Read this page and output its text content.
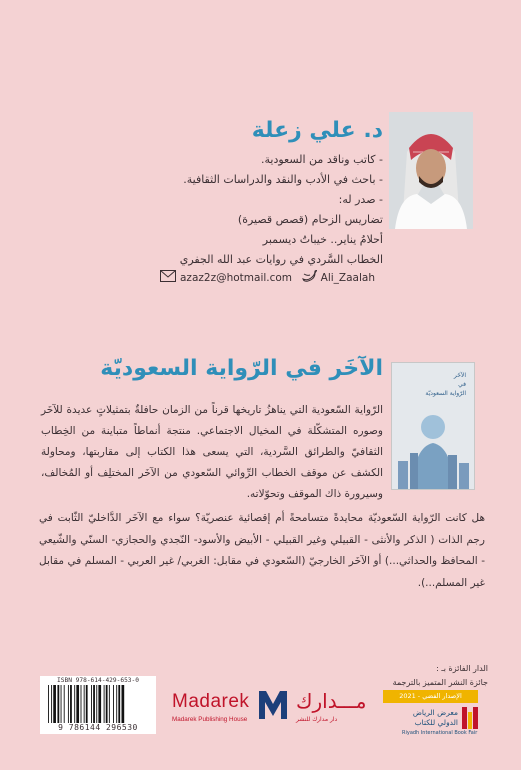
د. علي زعلة
- كاتب وناقد من السعودية.
- باحث في الأدب والنقد والدراسات الثقافية.
- صدر له:
تضاريس الزحام (قصص قصيرة)
أحلامُ يناير.. خيباتُ ديسمبر
الخطاب السَّردي في روايات عبد الله الجفري
azaz2z@hotmail.com	Ali_Zaalah
الآخَر في الرّواية السعوديّة	الآخَر
في
الرّواية السعوديّة
الرّواية السّعودية التي يناهزُ تاريخها قرناً من الزمان حافلةٌ بتمثيلاتٍ عديدة للآخَر وصوره المتشكّلة في المخيال الاجتماعي. منتجة أنماطاً متباينة من الخِطاب الثقافيّ والطرائق السَّردية، التي يسعى هذا الكتاب إلى مقاربتها، ومحاولة الكشف عن موقف الخطاب الرِّوائي السّعودي من الآخَر المختلِف أو المُخالف، وسيرورة ذاك الموقف وتحوّلاته.
هل كانت الرّواية السّعوديّة محايدةً متسامحةً أم إقصائية عنصريّة؟ سواء مع الآخَر الدَّاخليّ الثّابت في رجم الذات ( الذكر والأنثى - القبيلي وغير القبيلي - الأبيض والأسود- النّجدي والحجازي- السنّي والشّيعي - المحافظ والحداثي...) أو الآخَر الخارجيّ (السّعودي في مقابل: الغربي/ غير العربي - المسلم في مقابل غير المسلم...).
ISBN 978-614-429-653-0
9 786144 296530
Madarek
Madarek Publishing House
مـــدارك
دار مدارك للنشر
الدار الفائزة بـ :
جائزة النشر المتميز بالترجمة
الإصدار الفضي - 2021
معرض الرياض
الدولي للكتاب
Riyadh International Book Fair
